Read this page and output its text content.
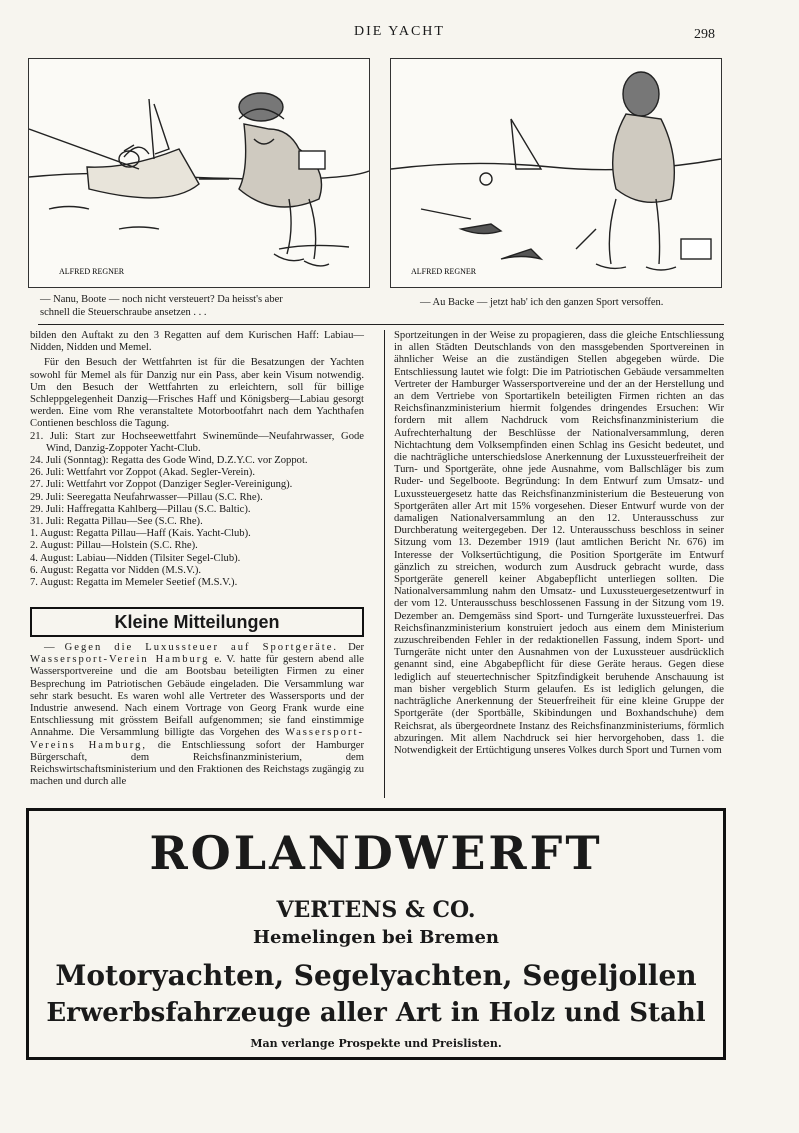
DIE YACHT	298
ALFRED REGNER	ALFRED REGNER
— Nanu, Boote — noch nicht versteuert? Da heisst's aber
schnell die Steuerschraube ansetzen . . .
— Au Backe — jetzt hab' ich den ganzen Sport versoffen.

bilden den Auftakt zu den 3 Regatten auf dem Kurischen Haff: Labiau—Nidden, Nidden und Memel.

Für den Besuch der Wettfahrten ist für die Besatzungen der Yachten sowohl für Memel als für Danzig nur ein Pass, aber kein Visum notwendig. Um den Besuch der Wettfahrten zu erleichtern, soll für billige Schleppgelegenheit Danzig—Frisches Haff und Königsberg—Labiau gesorgt werden. Eine vom Rhe veranstaltete Motorbootfahrt nach dem Yachthafen Contienen beschloss die Tagung.

21. Juli: Start zur Hochseewettfahrt Swinemünde—Neufahrwasser, Gode Wind, Danzig-Zoppoter Yacht-Club.

24. Juli (Sonntag): Regatta des Gode Wind, D.Z.Y.C. vor Zoppot.

26. Juli: Wettfahrt vor Zoppot (Akad. Segler-Verein).

27. Juli: Wettfahrt vor Zoppot (Danziger Segler-Vereinigung).

29. Juli: Seeregatta Neufahrwasser—Pillau (S.C. Rhe).

29. Juli: Haffregatta Kahlberg—Pillau (S.C. Baltic).

31. Juli: Regatta Pillau—See (S.C. Rhe).

1. August: Regatta Pillau—Haff (Kais. Yacht-Club).

2. August: Pillau—Holstein (S.C. Rhe).

4. August: Labiau—Nidden (Tilsiter Segel-Club).

6. August: Regatta vor Nidden (M.S.V.).

7. August: Regatta im Memeler Seetief (M.S.V.).

Kleine Mitteilungen

— Gegen die Luxussteuer auf Sportgeräte. Der Wassersport-Verein Hamburg e. V. hatte für gestern abend alle Wassersportvereine und die am Bootsbau beteiligten Firmen zu einer Besprechung im Patriotischen Gebäude eingeladen. Die Versammlung war sehr stark besucht. Es waren wohl alle Vertreter des Wassersports und der Industrie anwesend. Nach einem Vortrage von Georg Frank wurde eine Entschliessung mit grösstem Beifall aufgenommen; sie fand einstimmige Annahme. Die Versammlung billigte das Vorgehen des Wassersport-Vereins Hamburg, die Entschliessung sofort der Hamburger Bürgerschaft, dem Reichsfinanzministerium, dem Reichswirtschaftsministerium und den Fraktionen des Reichstags zugängig zu machen und durch alle

Sportzeitungen in der Weise zu propagieren, dass die gleiche Entschliessung in allen Städten Deutschlands von den massgebenden Sportvereinen in ähnlicher Weise an die zuständigen Stellen abgegeben würde. Die Entschliessung lautet wie folgt: Die im Patriotischen Gebäude versammelten Vertreter der Hamburger Wassersportvereine und der an der Herstellung und an dem Vertriebe von Sportartikeln beteiligten Firmen richten an das Reichsfinanzministerium hiermit folgendes dringendes Ersuchen: Wir fordern mit allem Nachdruck vom Reichsfinanzministerium die Aufrechterhaltung der Beschlüsse der Nationalversammlung, deren Nichtachtung dem Volksempfinden einen Schlag ins Gesicht bedeutet, und die nachträgliche unterschiedslose Anerkennung der Luxussteuerfreiheit der Turn- und Sportgeräte, ohne jede Ausnahme, vom Ballschläger bis zum Ruder- und Segelboote. Begründung: In dem Entwurf zum Umsatz- und Luxussteuergesetz hatte das Reichsfinanzministerium die Besteuerung von Sportgeräten aller Art mit 15% vorgesehen. Dieser Entwurf wurde von der damaligen Nationalversammlung an den 12. Unterausschuss zur Durchberatung weitergegeben. Der 12. Unterausschuss beschloss in seiner Sitzung vom 13. Dezember 1919 (laut amtlichen Bericht Nr. 676) im Interesse der Volksertüchtigung, die Position Sportgeräte im Entwurf gänzlich zu streichen, wodurch zum Ausdruck gebracht wurde, dass Sportgeräte generell keiner Abgabepflicht unterliegen sollten. Die Nationalversammlung nahm den Umsatz- und Luxussteuergesetzentwurf in der vom 12. Unterausschuss beschlossenen Fassung in der Sitzung vom 19. Dezember an. Demgemäss sind Sport- und Turngeräte luxussteuerfrei. Das Reichsfinanzministerium konstruiert jedoch aus einem dem Ministerium zuzuschreibenden Fehler in der redaktionellen Fassung, indem Sport- und Turngeräte nicht unter den Ausnahmen von der Luxussteuer ausdrücklich genannt sind, eine Abgabepflicht für diese Geräte heraus. Gegen diese lediglich auf steuertechnischer Spitzfindigkeit beruhende Anschauung ist man bisher vergeblich Sturm gelaufen. Es ist lediglich gelungen, die nachträgliche Anerkennung der Steuerfreiheit für eine kleine Gruppe der Sportgeräte (der Sportbälle, Skibindungen und Boxhandschuhe) dem Reichsrat, als übergeordnete Instanz des Reichsfinanzministeriums, förmlich abzuringen. Mit allem Nachdruck sei hier hervorgehoben, dass 1. die Notwendigkeit der Ertüchtigung unseres Volkes durch Sport und Turnen vom
ROLANDWERFT
VERTENS & CO.
Hemelingen bei Bremen
Motoryachten, Segelyachten, Segeljollen
Erwerbsfahrzeuge aller Art in Holz und Stahl
Man verlange Prospekte und Preislisten.
